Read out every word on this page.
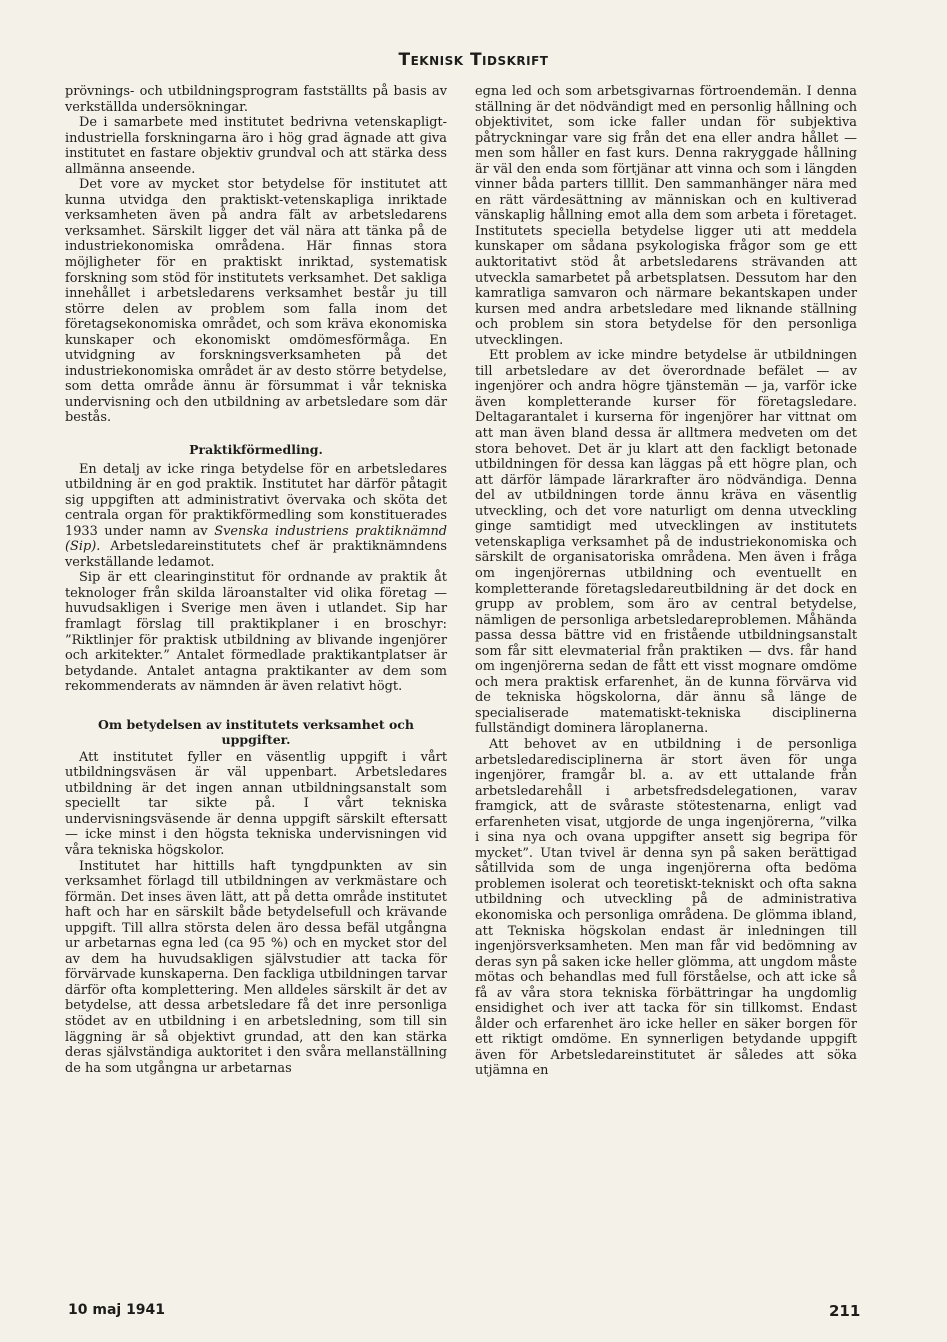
Teknisk Tidskrift

prövnings- och utbildningsprogram fastställts på basis av verkställda undersökningar.

De i samarbete med institutet bedrivna vetenskapligt-industriella forskningarna äro i hög grad ägnade att giva institutet en fastare objektiv grundval och att stärka dess allmänna anseende.

Det vore av mycket stor betydelse för institutet att kunna utvidga den praktiskt-vetenskapliga inriktade verksamheten även på andra fält av arbetsledarens verksamhet. Särskilt ligger det väl nära att tänka på de industriekonomiska områdena. Här finnas stora möjligheter för en praktiskt inriktad, systematisk forskning som stöd för institutets verksamhet. Det sakliga innehållet i arbetsledarens verksamhet består ju till större delen av problem som falla inom det företagsekonomiska området, och som kräva ekonomiska kunskaper och ekonomiskt omdömesförmåga. En utvidgning av forskningsverksamheten på det industriekonomiska området är av desto större betydelse, som detta område ännu är försummat i vår tekniska undervisning och den utbildning av arbetsledare som där bestås.

Praktikförmedling.

En detalj av icke ringa betydelse för en arbetsledares utbildning är en god praktik. Institutet har därför påtagit sig uppgiften att administrativt övervaka och sköta det centrala organ för praktikförmedling som konstituerades 1933 under namn av Svenska industriens praktiknämnd (Sip). Arbetsledareinstitutets chef är praktiknämndens verkställande ledamot.

Sip är ett clearinginstitut för ordnande av praktik åt teknologer från skilda läroanstalter vid olika företag — huvudsakligen i Sverige men även i utlandet. Sip har framlagt förslag till praktikplaner i en broschyr: ”Riktlinjer för praktisk utbildning av blivande ingenjörer och arkitekter.” Antalet förmedlade praktikantplatser är betydande. Antalet antagna praktikanter av dem som rekommenderats av nämnden är även relativt högt.

Om betydelsen av institutets verksamhet och uppgifter.

Att institutet fyller en väsentlig uppgift i vårt utbildningsväsen är väl uppenbart. Arbetsledares utbildning är det ingen annan utbildningsanstalt som speciellt tar sikte på. I vårt tekniska undervisningsväsende är denna uppgift särskilt eftersatt — icke minst i den högsta tekniska undervisningen vid våra tekniska högskolor.

Institutet har hittills haft tyngdpunkten av sin verksamhet förlagd till utbildningen av verkmästare och förmän. Det inses även lätt, att på detta område institutet haft och har en särskilt både betydelsefull och krävande uppgift. Till allra största delen äro dessa befäl utgångna ur arbetarnas egna led (ca 95 %) och en mycket stor del av dem ha huvudsakligen självstudier att tacka för förvärvade kunskaperna. Den fackliga utbildningen tarvar därför ofta komplettering. Men alldeles särskilt är det av betydelse, att dessa arbetsledare få det inre personliga stödet av en utbildning i en arbetsledning, som till sin läggning är så objektivt grundad, att den kan stärka deras självständiga auktoritet i den svåra mellanställning de ha som utgångna ur arbetarnas

egna led och som arbetsgivarnas förtroendemän. I denna ställning är det nödvändigt med en personlig hållning och objektivitet, som icke faller undan för subjektiva påtryckningar vare sig från det ena eller andra hållet — men som håller en fast kurs. Denna rakryggade hållning är väl den enda som förtjänar att vinna och som i längden vinner båda parters tilllit. Den sammanhänger nära med en rätt värdesättning av människan och en kultiverad vänskaplig hållning emot alla dem som arbeta i företaget. Institutets speciella betydelse ligger uti att meddela kunskaper om sådana psykologiska frågor som ge ett auktoritativt stöd åt arbetsledarens strävanden att utveckla samarbetet på arbetsplatsen. Dessutom har den kamratliga samvaron och närmare bekantskapen under kursen med andra arbetsledare med liknande ställning och problem sin stora betydelse för den personliga utvecklingen.

Ett problem av icke mindre betydelse är utbildningen till arbetsledare av det överordnade befälet — av ingenjörer och andra högre tjänstemän — ja, varför icke även kompletterande kurser för företagsledare. Deltagarantalet i kurserna för ingenjörer har vittnat om att man även bland dessa är alltmera medveten om det stora behovet. Det är ju klart att den fackligt betonade utbildningen för dessa kan läggas på ett högre plan, och att därför lämpade lärarkrafter äro nödvändiga. Denna del av utbildningen torde ännu kräva en väsentlig utveckling, och det vore naturligt om denna utveckling ginge samtidigt med utvecklingen av institutets vetenskapliga verksamhet på de industriekonomiska och särskilt de organisatoriska områdena. Men även i fråga om ingenjörernas utbildning och eventuellt en kompletterande företagsledareutbildning är det dock en grupp av problem, som äro av central betydelse, nämligen de personliga arbetsledareproblemen. Måhända passa dessa bättre vid en fristående utbildningsanstalt som får sitt elevmaterial från praktiken — dvs. får hand om ingenjörerna sedan de fått ett visst mognare omdöme och mera praktisk erfarenhet, än de kunna förvärva vid de tekniska högskolorna, där ännu så länge de specialiserade matematiskt-tekniska disciplinerna fullständigt dominera läroplanerna.

Att behovet av en utbildning i de personliga arbetsledaredisciplinerna är stort även för unga ingenjörer, framgår bl. a. av ett uttalande från arbetsledarehåll i arbetsfredsdelegationen, varav framgick, att de svåraste stötestenarna, enligt vad erfarenheten visat, utgjorde de unga ingenjörerna, ”vilka i sina nya och ovana uppgifter ansett sig begripa för mycket”. Utan tvivel är denna syn på saken berättigad såtillvida som de unga ingenjörerna ofta bedöma problemen isolerat och teoretiskt-tekniskt och ofta sakna utbildning och utveckling på de administrativa ekonomiska och personliga områdena. De glömma ibland, att Tekniska högskolan endast är inledningen till ingenjörsverksamheten. Men man får vid bedömning av deras syn på saken icke heller glömma, att ungdom måste mötas och behandlas med full förståelse, och att icke så få av våra stora tekniska förbättringar ha ungdomlig ensidighet och iver att tacka för sin tillkomst. Endast ålder och erfarenhet äro icke heller en säker borgen för ett riktigt omdöme. En synnerligen betydande uppgift även för Arbetsledareinstitutet är således att söka utjämna en

10 maj 1941	211
